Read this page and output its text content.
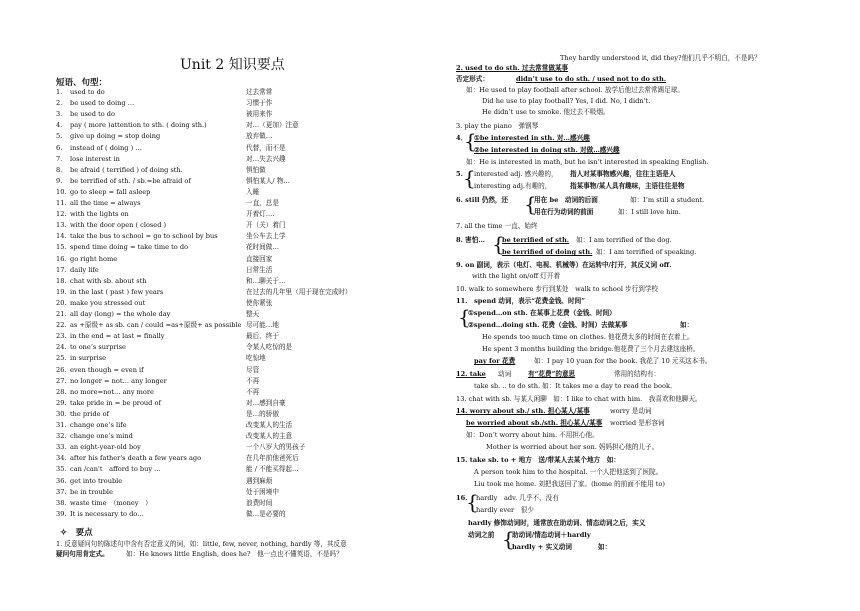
Unit 2 知识要点
短语、句型：
1. used to do	过去常常
2. be used to doing …	习惯于作
3. be used to do	被用来作
4. pay ( more )attention to sth. ( doing sth.)	对…（更加）注意
5. give up doing = stop doing	放弃做…
6. instead of ( doing ) …	代替，而不是
7. lose interest in	对…失去兴趣
8. be afraid ( terrified ) of doing sth.	惧怕做
9. be terrified of sth. / sb.=be afraid of	惧怕某人/ 物…
10. go to sleep = fall asleep	入睡
11. all the time = always	一直，总是
12. with the lights on	开着灯….
13. with the door open ( closed )	开（关）着门
14. take the bus to school = go to school by bus	坐公车去上学
15. spend time doing = take time to do	花时间做…
16. go right home	直接回家
17. daily life	日常生活
18. chat with sb. about sth	和…聊关于…
19. in the last ( past ) few years	在过去的几年里（用于现在完成时）
20. make you stressed out	使你紧张
21. all day (long) = the whole day	整天
22. as +原级+ as sb. can / could =as+原级+ as possible 尽可能…地
23. in the end = at last = finally	最后，终于
24. to one’s surprise	令某人吃惊的是
25. in surprise	吃惊地
26. even though = even if	尽管
27. no longer = not… any longer	不再
28. no more=not… any more	不再
29. take pride in = be proud of	对…感到自豪
30. the pride of	是…的骄傲
31. change one’s life	改变某人的生活
32. change one’s mind	改变某人的主意
33. an eight-year-old boy	一个八岁大的男孩子
34. after his father's death a few years ago	在几年前他爸死后
35. can /can't　afford to buy …	能 / 不能买得起…
36. get into trouble	遇到麻烦
37. be in trouble	处于困境中
38. waste time　（money　）	浪费时间
39. It is necessary to do…	做…是必要的
✧　要点
1. 反意疑问句的陈述句中含有否定意义的词，如：little, few, never, nothing, hardly 等，其反意
疑问句用肯定式。	如：He knows little English, does he?　他一点也不懂英语，不是吗？
They hardly understood it, did they?他们几乎不明白，不是吗？
2. used to do sth. 过去常常做某事
否定形式：	didn’t use to do sth. / used not to do sth.
如：He used to play football after school. 放学后他过去常常踢足球。
Did he use to play football? Yes, I did. No, I didn’t.
He didn’t use to smoke. 他过去不吸烟。
3. play the piano　弹钢琴
4．
{
①be interested in sth. 对…感兴趣
②be interested in doing sth. 对做…感兴趣
如：He is interested in math, but he isn’t interested in speaking English.
5. {
interested adj. 感兴趣的， 指人对某事物感兴趣，往往主语是人
interesting adj.有趣的，	指某事物/某人具有趣味，主语往往是物
6. still 仍然，还 {
用在 be　动词的后面	如：I’m still a student.
用在行为动词的前面	如：I still love him.
7. all the time 一直、始终
8. 害怕… {
be terrified of sth. 如：I am terrified of the dog.
be terrified of doing sth. 如：I am terrified of speaking.
9. on 副词，表示（电灯、电视、机械等）在运转中/打开，其反义词 off.
with the light on/off 灯开着
10. walk to somewhere 步行到某处　walk to school 步行到学校
11.　spend 动词，表示“花费金钱、时间”
{
①spend…on sth. 在某事上花费（金钱、时间）
②spend…doing sth. 花费（金钱、时间）去做某事	如：
He spends too much time on clothes. 他花费太多的时间在衣着上。
He spent 3 months building the bridge.他花费了三个月去建这座桥。
pay for 花费	如：I pay 10 yuan for the book. 我花了 10 元买这本书。
12. take 动词	有“花费”的意思	常用的结构有：
take sb. .. to do sth. 如：It takes me a day to read the book.
13. chat with sb. 与某人闲聊　如：I like to chat with him.　我喜欢和他聊天。
14. worry about sb./ sth. 担心某人/某事	worry 是动词
be worried about sb./sth. 担心某人/某事 worried 是形容词
如：Don’t worry about him. 不用担心他。
Mother is worried about her son. 妈妈担心他的儿子。
15. take sb. to + 地方　送/带某人去某个地方　如：
A person took him to the hospital. 一个人把他送到了医院。
Liu took me home. 刘把我送回了家。(home 的前面不能用 to)
16.
{
hardly　adv. 几乎不、没有
hardly ever　很少
hardly 修饰动词时，通常放在助动词、情态动词之后，实义
动词之前 {
助动词/情态动词＋hardly
hardly + 实义动词	如：
